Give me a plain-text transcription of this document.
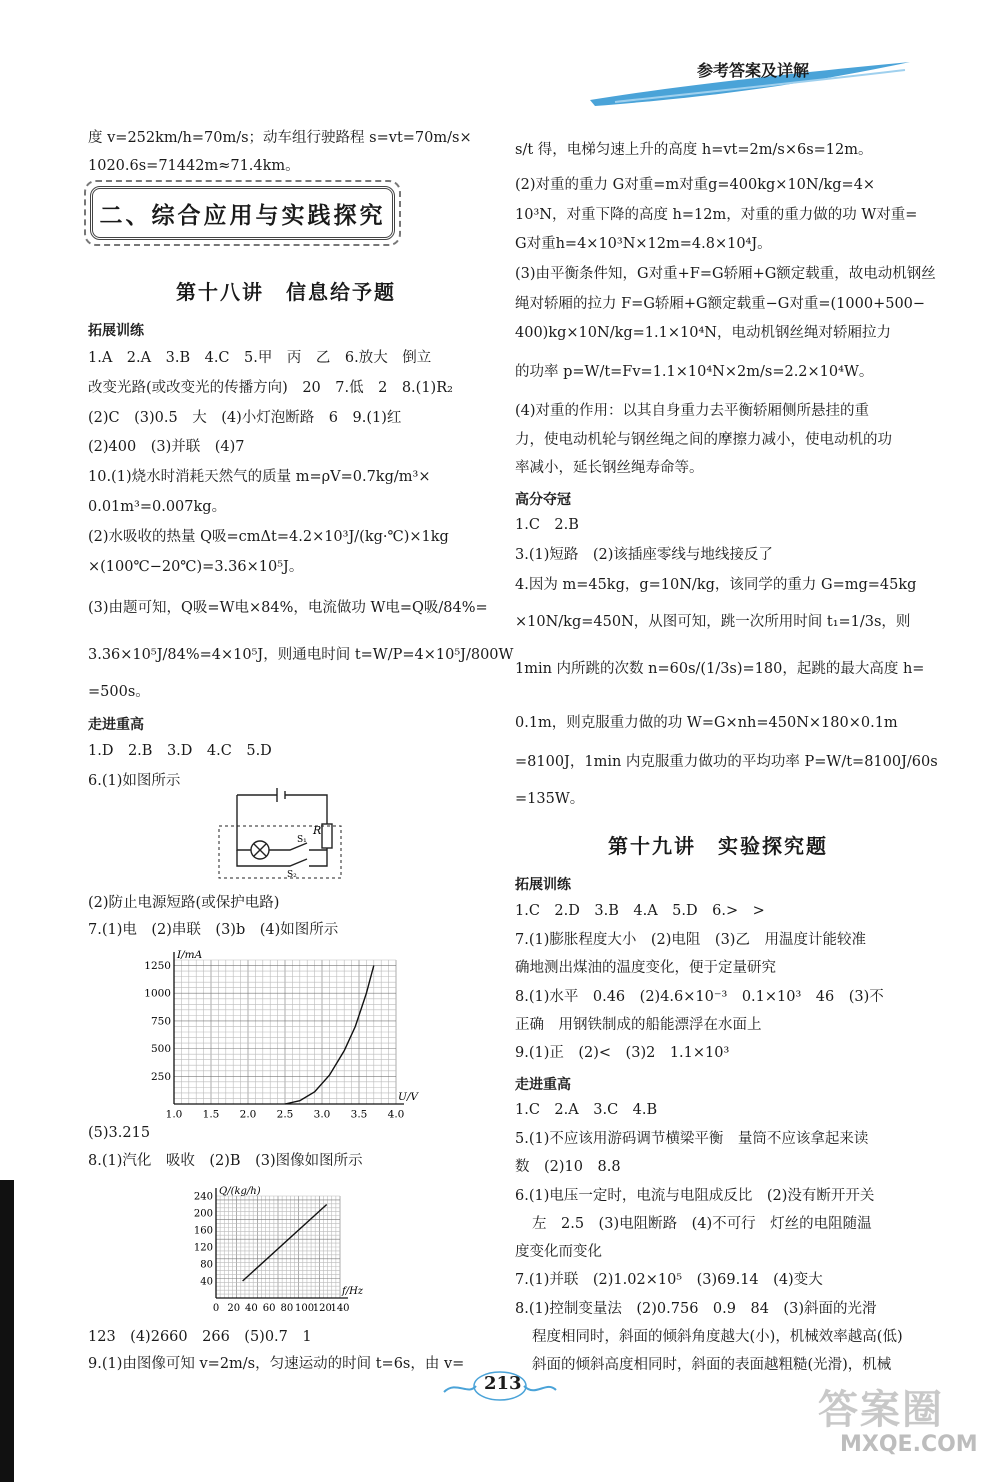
参考答案及详解
度 v=252km/h=70m/s；动车组行驶路程 s=vt=70m/s×
1020.6s=71442m≈71.4km。
二、综合应用与实践探究
第十八讲　信息给予题
拓展训练
1.A　2.A　3.B　4.C　5.甲　丙　乙　6.放大　倒立
改变光路(或改变光的传播方向)　20　7.低　2　8.(1)R₂
(2)C　(3)0.5　大　(4)小灯泡断路　6　9.(1)红
(2)400　(3)并联　(4)7
10.(1)烧水时消耗天然气的质量 m=ρV=0.7kg/m³×
0.01m³=0.007kg。
(2)水吸收的热量 Q吸=cmΔt=4.2×10³J/(kg·℃)×1kg
×(100℃−20℃)=3.36×10⁵J。
(3)由题可知，Q吸=W电×84%，电流做功 W电=Q吸/84%=
3.36×10⁵J/84%=4×10⁵J，则通电时间 t=W/P=4×10⁵J/800W
=500s。
走进重高
1.D　2.B　3.D　4.C　5.D
6.(1)如图所示
R
S₁
S₂
(2)防止电源短路(或保护电路)
7.(1)电　(2)串联　(3)b　(4)如图所示
1.0 1.5 2.0 2.5 3.0 3.5 4.0
250
500
750
1000
1250
U/V
I/mA
(5)3.215
8.(1)汽化　吸收　(2)B　(3)图像如图所示
0 20 40 60 80 100
120
140
40
80
120
160
200
240
f/Hz
Q/(kg/h)
123　(4)2660　266　(5)0.7　1
9.(1)由图像可知 v=2m/s，匀速运动的时间 t=6s，由 v=
s/t 得，电梯匀速上升的高度 h=vt=2m/s×6s=12m。
(2)对重的重力 G对重=m对重g=400kg×10N/kg=4×
10³N，对重下降的高度 h=12m，对重的重力做的功 W对重=
G对重h=4×10³N×12m=4.8×10⁴J。
(3)由平衡条件知，G对重+F=G轿厢+G额定载重，故电动机钢丝
绳对轿厢的拉力 F=G轿厢+G额定载重−G对重=(1000+500−
400)kg×10N/kg=1.1×10⁴N，电动机钢丝绳对轿厢拉力
的功率 p=W/t=Fv=1.1×10⁴N×2m/s=2.2×10⁴W。
(4)对重的作用：以其自身重力去平衡轿厢侧所悬挂的重
力，使电动机轮与钢丝绳之间的摩擦力减小，使电动机的功
率减小，延长钢丝绳寿命等。
高分夺冠
1.C　2.B
3.(1)短路　(2)该插座零线与地线接反了
4.因为 m=45kg，g=10N/kg，该同学的重力 G=mg=45kg
×10N/kg=450N，从图可知，跳一次所用时间 t₁=1/3s，则
1min 内所跳的次数 n=60s/(1/3s)=180，起跳的最大高度 h=
0.1m，则克服重力做的功 W=G×nh=450N×180×0.1m
=8100J，1min 内克服重力做功的平均功率 P=W/t=8100J/60s
=135W。
第十九讲　实验探究题
拓展训练
1.C　2.D　3.B　4.A　5.D　6.>　>
7.(1)膨胀程度大小　(2)电阻　(3)乙　用温度计能较准
确地测出煤油的温度变化，便于定量研究
8.(1)水平　0.46　(2)4.6×10⁻³　0.1×10³　46　(3)不
正确　用钢铁制成的船能漂浮在水面上
9.(1)正　(2)<　(3)2　1.1×10³
走进重高
1.C　2.A　3.C　4.B
5.(1)不应该用游码调节横梁平衡　量筒不应该拿起来读
数　(2)10　8.8
6.(1)电压一定时，电流与电阻成反比　(2)没有断开开关
左　2.5　(3)电阻断路　(4)不可行　灯丝的电阻随温
度变化而变化
7.(1)并联　(2)1.02×10⁵　(3)69.14　(4)变大
8.(1)控制变量法　(2)0.756　0.9　84　(3)斜面的光滑
程度相同时，斜面的倾斜角度越大(小)，机械效率越高(低)
斜面的倾斜高度相同时，斜面的表面越粗糙(光滑)，机械
213
答案圈
MXQE.COM
